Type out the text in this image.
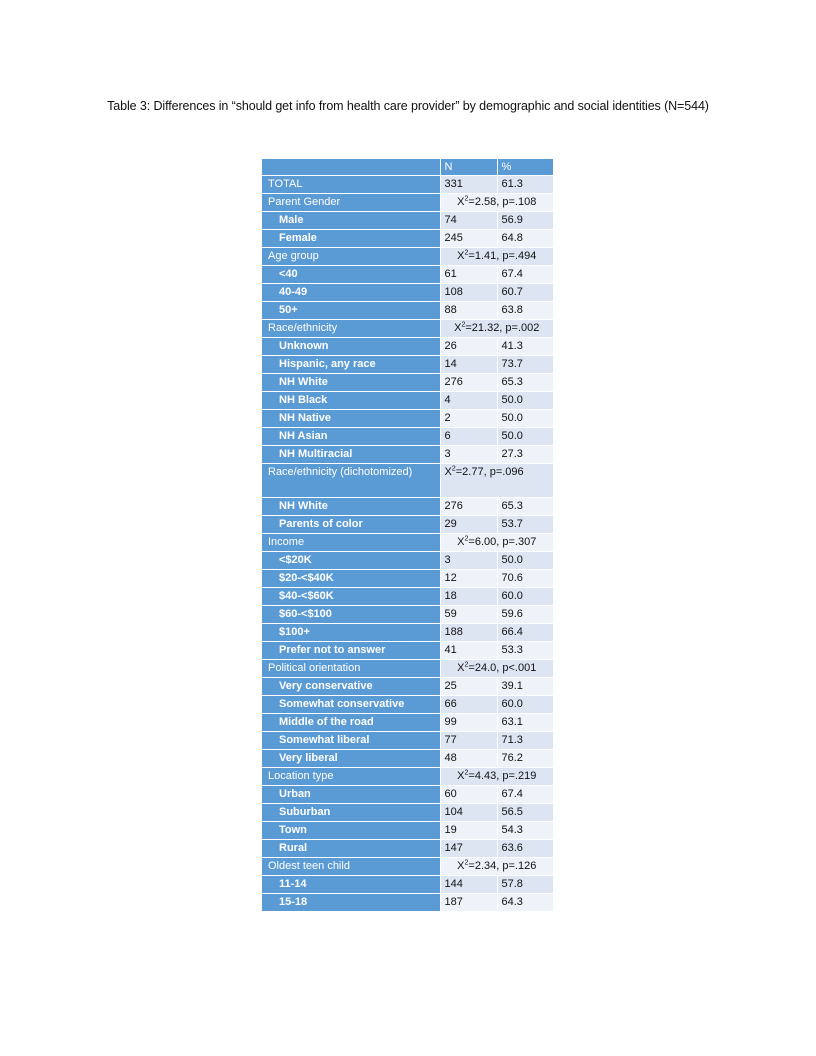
Table 3: Differences in “should get info from health care provider” by demographic and social identities (N=544)
	N	%
TOTAL	331	61.3
Parent Gender	$X^2=2.58$, p=.108	
Male	74	56.9
Female	245	64.8
Age group	$X^2=1.41$, p=.494	
<40	61	67.4
40-49	108	60.7
50+	88	63.8
Race/ethnicity	$X^2=21.32$, p=.002	
Unknown	26	41.3
Hispanic, any race	14	73.7
NH White	276	65.3
NH Black	4	50.0
NH Native	2	50.0
NH Asian	6	50.0
NH Multiracial	3	27.3
Race/ethnicity (dichotomized)	$X^2=2.77$, p=.096	
NH White	276	65.3
Parents of color	29	53.7
Income	$X^2=6.00$, p=.307	
<$20K	3	50.0
$20-<$40K	12	70.6
$40-<$60K	18	60.0
$60-<$100	59	59.6
$100+	188	66.4
Prefer not to answer	41	53.3
Political orientation	$X^2=24.0$, p<.001	
Very conservative	25	39.1
Somewhat conservative	66	60.0
Middle of the road	99	63.1
Somewhat liberal	77	71.3
Very liberal	48	76.2
Location type	$X^2=4.43$, p=.219	
Urban	60	67.4
Suburban	104	56.5
Town	19	54.3
Rural	147	63.6
Oldest teen child	$X^2=2.34$, p=.126	
11-14	144	57.8
15-18	187	64.3
